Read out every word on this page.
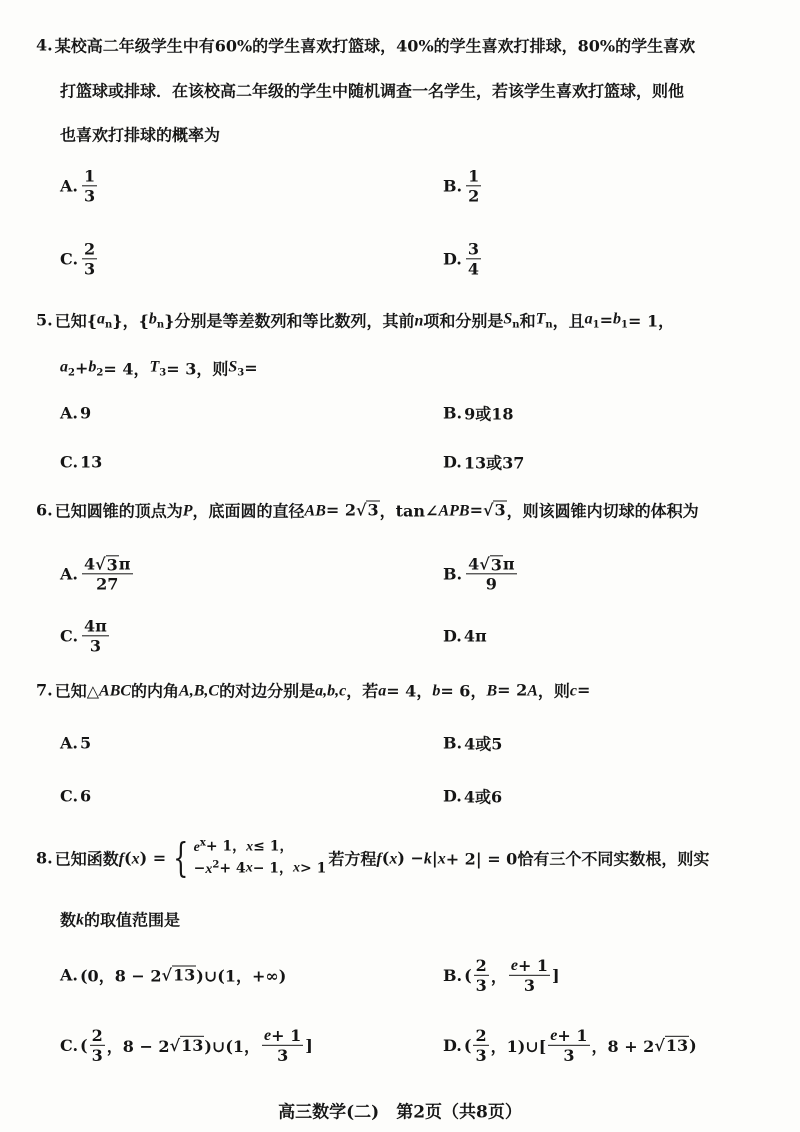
4. 某校高二年级学生中有60%的学生喜欢打篮球，40%的学生喜欢打排球，80%的学生喜欢
打篮球或排球．在该校高二年级的学生中随机调查一名学生，若该学生喜欢打篮球，则他
也喜欢打排球的概率为
A. $\frac{1}{3}$	B. $\frac{1}{2}$
C. $\frac{2}{3}$	D. $\frac{3}{4}$
5. 已知{ $a_n$ }，{ $b_n$ }分别是等差数列和等比数列，其前 n 项和分别是 $S_n$ 和 $T_n$ ，且 $a_1 = b_1 = 1$，
$a_2 + b_2 = 4$， $T_3 = 3$，则 $S_3$ =
A. 9	B. 9或18
C. 13	D. 13或37
6. 已知圆锥的顶点为 P ，底面圆的直径 AB = 2 √ 3 ，tan∠ APB = √ 3 ，则该圆锥内切球的体积为
A. $\frac{4 √ 3 \pi}{27}$	B. $\frac{4 √ 3 \pi}{9}$
C. $\frac{4\pi}{3}$	D. 4π
7. 已知△ ABC 的内角 A,B,C 的对边分别是 a,b,c ，若 a = 4， b = 6， B = 2 A ，则 c =
A. 5	B. 4或5
C. 6	D. 4或6
8. 已知函数 f ( x ) = { $e^x + 1$， x ≤ 1，
− $x^2 + 4$ x − 1， x > 1 若方程 f ( x ) − k | x + 2| = 0恰有三个不同实数根，则实
数 k 的取值范围是
A. (0，8 − 2 √ 13 )∪(1，+∞)	B. ( $\frac{2}{3}$ ， $\frac{e + 1}{3}$ ]
C. ( $\frac{2}{3}$ ，8 − 2 √ 13 )∪(1， $\frac{e + 1}{3}$ ]	D. ( $\frac{2}{3}$ ，1)∪[ $\frac{e + 1}{3}$ ，8 + 2 √ 13 )
高三数学(二)　第2页（共8页）
